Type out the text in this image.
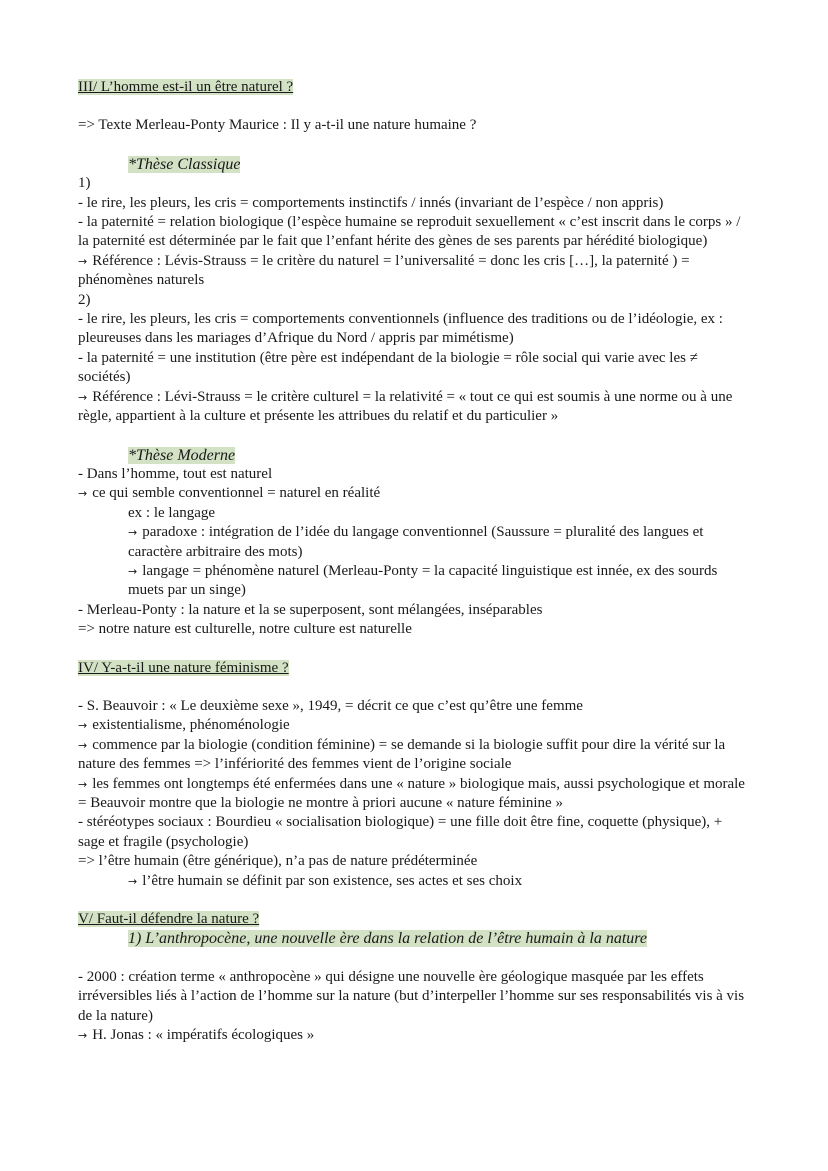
III/ L’homme est-il un être naturel ?

=> Texte Merleau-Ponty Maurice : Il y a-t-il une nature humaine ?

*Thèse Classique

1)

- le rire, les pleurs, les cris = comportements instinctifs / innés (invariant de l’espèce / non appris)

- la paternité = relation biologique (l’espèce humaine se reproduit sexuellement « c’est inscrit dans le corps » / la paternité est déterminée par le fait que l’enfant hérite des gènes de ses parents par hérédité biologique)

→ Référence : Lévis-Strauss = le critère du naturel = l’universalité = donc les cris […], la paternité ) = phénomènes naturels

2)

- le rire, les pleurs, les cris = comportements conventionnels (influence des traditions ou de l’idéologie, ex : pleureuses dans les mariages d’Afrique du Nord / appris par mimétisme)

- la paternité = une institution (être père est indépendant de la biologie = rôle social qui varie avec les ≠ sociétés)

→ Référence : Lévi-Strauss = le critère culturel = la relativité = « tout ce qui est soumis à une norme ou à une règle, appartient à la culture et présente les attribues du relatif et du particulier »

*Thèse Moderne

- Dans l’homme, tout est naturel

→ ce qui semble conventionnel = naturel en réalité

ex : le langage

→ paradoxe : intégration de l’idée du langage conventionnel (Saussure = pluralité des langues et caractère arbitraire des mots)

→ langage = phénomène naturel (Merleau-Ponty = la capacité linguistique est innée, ex des sourds muets par un singe)

- Merleau-Ponty : la nature et la se superposent, sont mélangées, inséparables

=> notre nature est culturelle, notre culture est naturelle

IV/ Y-a-t-il une nature féminisme ?

- S. Beauvoir : « Le deuxième sexe », 1949, = décrit ce que c’est qu’être une femme

→ existentialisme, phénoménologie

→ commence par la biologie (condition féminine) = se demande si la biologie suffit pour dire la vérité sur la nature des femmes => l’infériorité des femmes vient de l’origine sociale

→ les femmes ont longtemps été enfermées dans une « nature » biologique mais, aussi psychologique et morale = Beauvoir montre que la biologie ne montre à priori aucune « nature féminine »

- stéréotypes sociaux : Bourdieu « socialisation biologique) = une fille doit être fine, coquette (physique), + sage et fragile (psychologie)

=> l’être humain (être générique), n’a pas de nature prédéterminée

→ l’être humain se définit par son existence, ses actes et ses choix

V/ Faut-il défendre la nature ?
1) L’anthropocène, une nouvelle ère dans la relation de l’être humain à la nature

- 2000 : création terme « anthropocène » qui désigne une nouvelle ère géologique masquée par les effets irréversibles liés à l’action de l’homme sur la nature (but d’interpeller l’homme sur ses responsabilités vis à vis de la nature)

→ H. Jonas : « impératifs écologiques »
